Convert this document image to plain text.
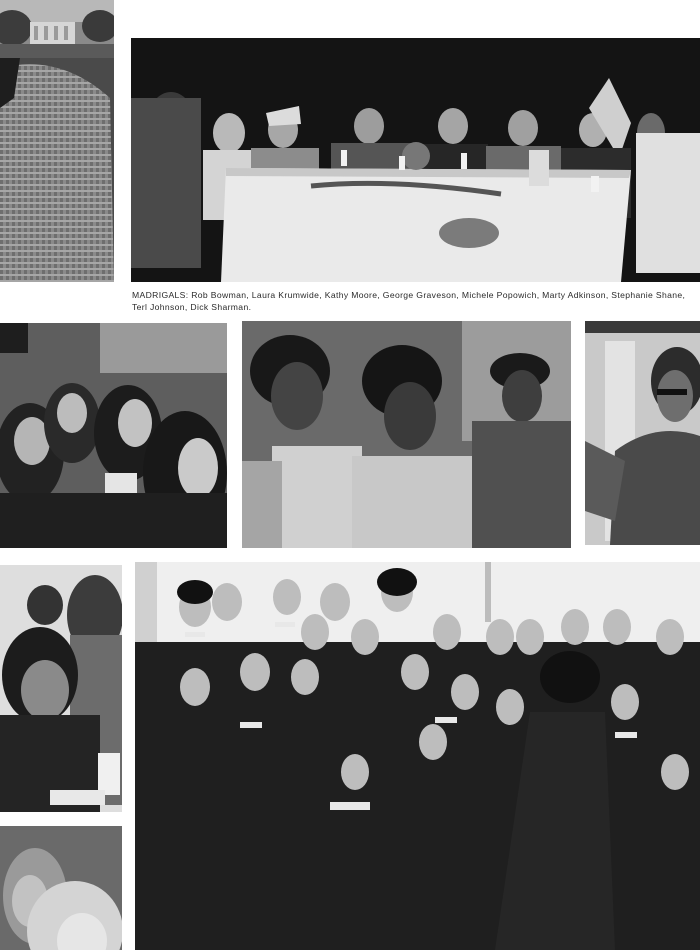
MADRIGALS: Rob Bowman, Laura Krumwide, Kathy Moore, George Graveson, Michele Popowich, Marty Adkinson, Stephanie Shane, Terl Johnson, Dick Sharman.
